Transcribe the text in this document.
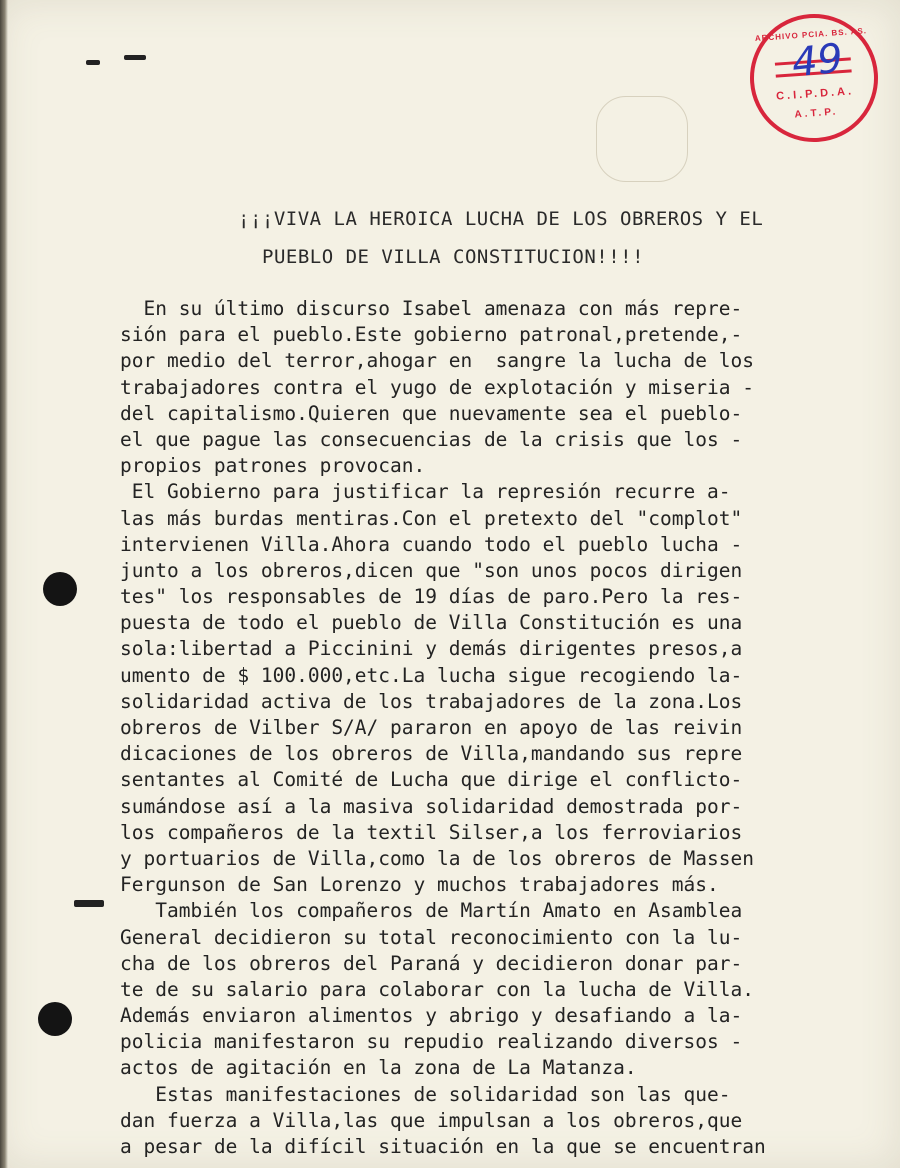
ARCHIVO PCIA. BS. AS.
C.I.P.D.A.
A.T.P.
49
¡¡¡VIVA LA HEROICA LUCHA DE LOS OBREROS Y EL
PUEBLO DE VILLA CONSTITUCION!!!!
En su último discurso Isabel amenaza con más repre-
sión para el pueblo.Este gobierno patronal,pretende,-
por medio del terror,ahogar en  sangre la lucha de los
trabajadores contra el yugo de explotación y miseria -
del capitalismo.Quieren que nuevamente sea el pueblo-
el que pague las consecuencias de la crisis que los -
propios patrones provocan.
El Gobierno para justificar la represión recurre a-
las más burdas mentiras.Con el pretexto del "complot"
intervienen Villa.Ahora cuando todo el pueblo lucha -
junto a los obreros,dicen que "son unos pocos dirigen
tes" los responsables de 19 días de paro.Pero la res-
puesta de todo el pueblo de Villa Constitución es una
sola:libertad a Piccinini y demás dirigentes presos,a
umento de $ 100.000,etc.La lucha sigue recogiendo la-
solidaridad activa de los trabajadores de la zona.Los
obreros de Vilber S/A/ pararon en apoyo de las reivin
dicaciones de los obreros de Villa,mandando sus repre
sentantes al Comité de Lucha que dirige el conflicto-
sumándose así a la masiva solidaridad demostrada por-
los compañeros de la textil Silser,a los ferroviarios
y portuarios de Villa,como la de los obreros de Massen
Fergunson de San Lorenzo y muchos trabajadores más.
También los compañeros de Martín Amato en Asamblea
General decidieron su total reconocimiento con la lu-
cha de los obreros del Paraná y decidieron donar par-
te de su salario para colaborar con la lucha de Villa.
Además enviaron alimentos y abrigo y desafiando a la-
policia manifestaron su repudio realizando diversos -
actos de agitación en la zona de La Matanza.
Estas manifestaciones de solidaridad son las que-
dan fuerza a Villa,las que impulsan a los obreros,que
a pesar de la difícil situación en la que se encuentran
